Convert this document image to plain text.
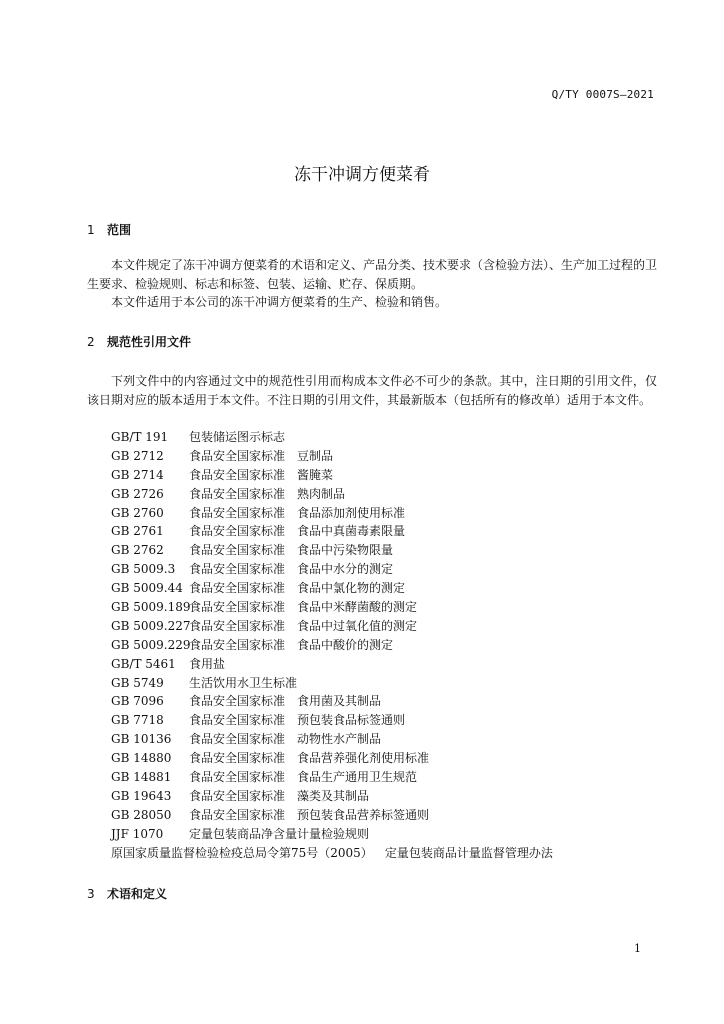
Q/TY 0007S—2021
冻干冲调方便菜肴
1 范围

本文件规定了冻干冲调方便菜肴的术语和定义、产品分类、技术要求（含检验方法）、生产加工过程的卫生要求、检验规则、标志和标签、包装、运输、贮存、保质期。

本文件适用于本公司的冻干冲调方便菜肴的生产、检验和销售。

2 规范性引用文件

下列文件中的内容通过文中的规范性引用而构成本文件必不可少的条款。其中，注日期的引用文件，仅该日期对应的版本适用于本文件。不注日期的引用文件，其最新版本（包括所有的修改单）适用于本文件。

GB/T 191 包装储运图示标志
GB 2712 食品安全国家标准 豆制品
GB 2714 食品安全国家标准 酱腌菜
GB 2726 食品安全国家标准 熟肉制品
GB 2760 食品安全国家标准 食品添加剂使用标准
GB 2761 食品安全国家标准 食品中真菌毒素限量
GB 2762 食品安全国家标准 食品中污染物限量
GB 5009.3 食品安全国家标准 食品中水分的测定
GB 5009.44 食品安全国家标准 食品中氯化物的测定
GB 5009.189食品安全国家标准 食品中米酵菌酸的测定
GB 5009.227食品安全国家标准 食品中过氧化值的测定
GB 5009.229食品安全国家标准 食品中酸价的测定
GB/T 5461 食用盐
GB 5749 生活饮用水卫生标准
GB 7096 食品安全国家标准 食用菌及其制品
GB 7718 食品安全国家标准 预包装食品标签通则
GB 10136 食品安全国家标准 动物性水产制品
GB 14880 食品安全国家标准 食品营养强化剂使用标准
GB 14881 食品安全国家标准 食品生产通用卫生规范
GB 19643 食品安全国家标准 藻类及其制品
GB 28050 食品安全国家标准 预包装食品营养标签通则
JJF 1070 定量包装商品净含量计量检验规则
原国家质量监督检验检疫总局令第75号（2005） 定量包装商品计量监督管理办法
3 术语和定义
1
